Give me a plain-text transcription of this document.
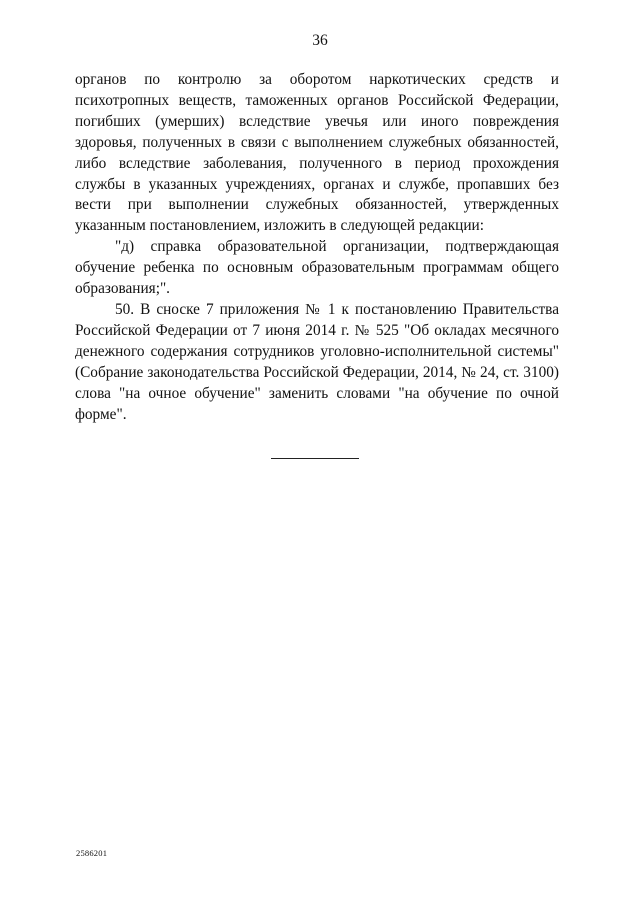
36

органов по контролю за оборотом наркотических средств и психотропных веществ, таможенных органов Российской Федерации, погибших (умерших) вследствие увечья или иного повреждения здоровья, полученных в связи с выполнением служебных обязанностей, либо вследствие заболевания, полученного в период прохождения службы в указанных учреждениях, органах и службе, пропавших без вести при выполнении служебных обязанностей, утвержденных указанным постановлением, изложить в следующей редакции:

"д) справка образовательной организации, подтверждающая обучение ребенка по основным образовательным программам общего образования;".

50. В сноске 7 приложения № 1 к постановлению Правительства Российской Федерации от 7 июня 2014 г. № 525 "Об окладах месячного денежного содержания сотрудников уголовно-исполнительной системы" (Собрание законодательства Российской Федерации, 2014, № 24, ст. 3100) слова "на очное обучение" заменить словами "на обучение по очной форме".

2586201
